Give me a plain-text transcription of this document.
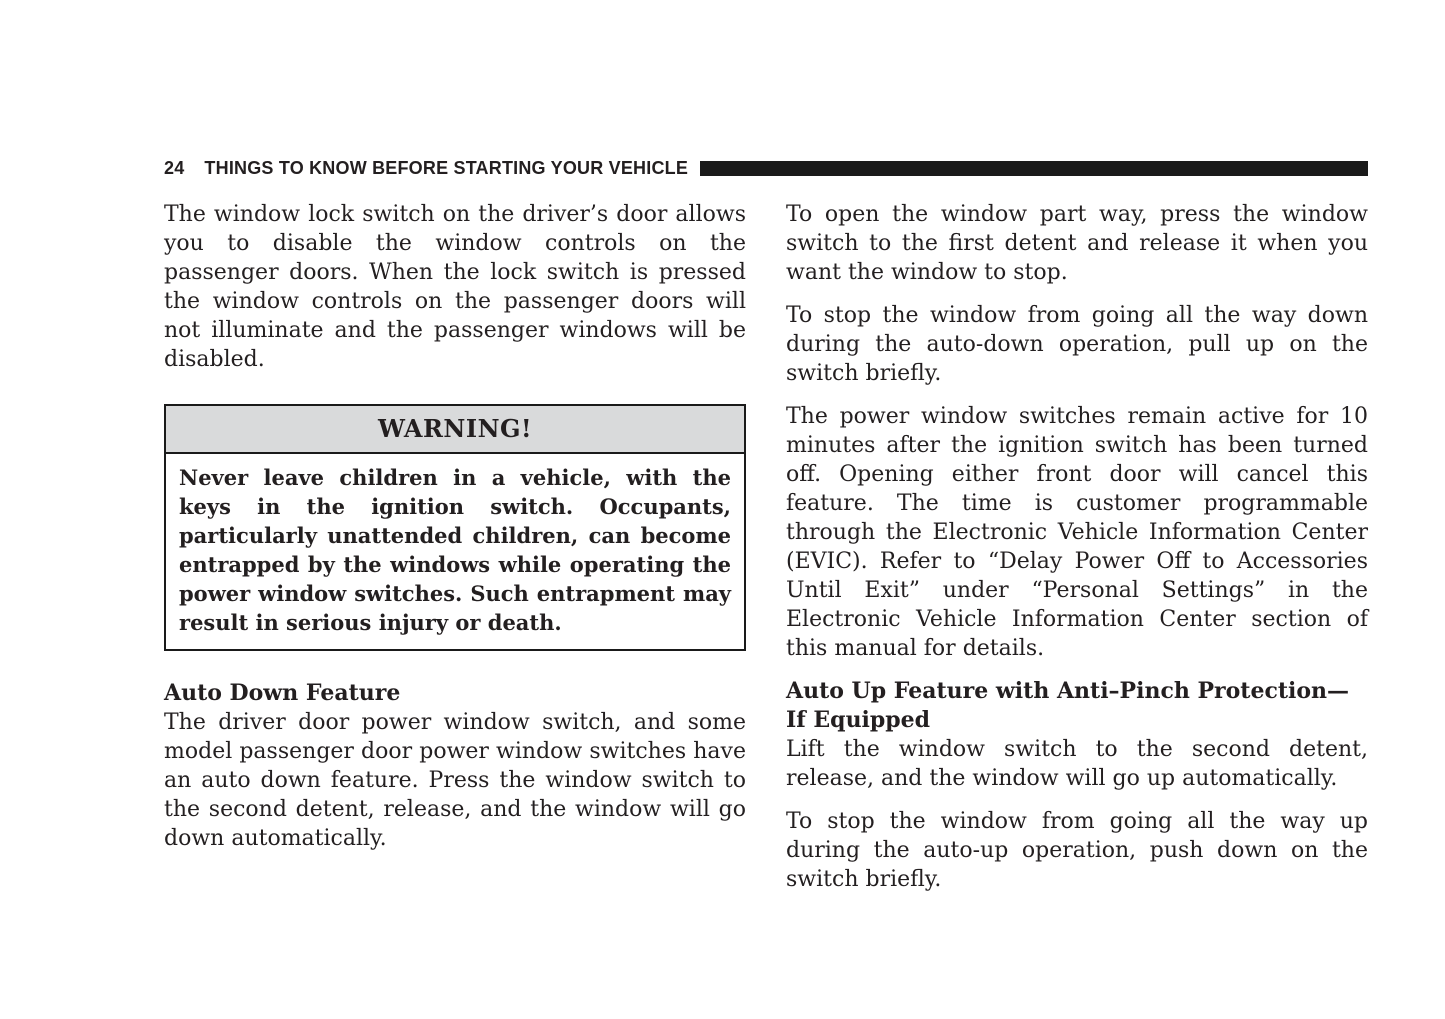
24 THINGS TO KNOW BEFORE STARTING YOUR VEHICLE

The window lock switch on the driver’s door allows you to disable the window controls on the passenger doors. When the lock switch is pressed the window controls on the passenger doors will not illuminate and the passenger windows will be disabled.

WARNING!
Never leave children in a vehicle, with the keys in the ignition switch. Occupants, particularly unattended children, can become entrapped by the windows while operating the power window switches. Such entrapment may result in serious injury or death.
Auto Down Feature

The driver door power window switch, and some model passenger door power window switches have an auto down feature. Press the window switch to the second detent, release, and the window will go down automatically.

To open the window part way, press the window switch to the first detent and release it when you want the window to stop.

To stop the window from going all the way down during the auto-down operation, pull up on the switch briefly.

The power window switches remain active for 10 minutes after the ignition switch has been turned off. Opening either front door will cancel this feature. The time is customer programmable through the Electronic Vehicle Information Center (EVIC). Refer to “Delay Power Off to Accessories Until Exit” under “Personal Settings” in the Electronic Vehicle Information Center section of this manual for details.

Auto Up Feature with Anti–Pinch Protection—If Equipped

Lift the window switch to the second detent, release, and the window will go up automatically.

To stop the window from going all the way up during the auto-up operation, push down on the switch briefly.
